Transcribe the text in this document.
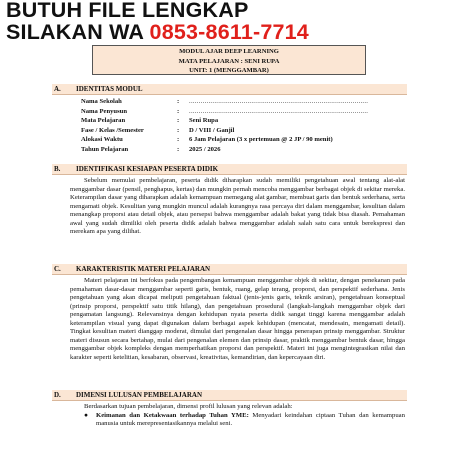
BUTUH FILE LENGKAP
SILAKAN WA 0853-8611-7714
MODUL AJAR DEEP LEARNING
MATA PELAJARAN : SENI RUPA
UNIT: 1 (MENGGAMBAR)
A. IDENTITAS MODUL
Nama Sekolah	:	............................................................................................
Nama Penyusun	:	............................................................................................
Mata Pelajaran	:	Seni Rupa
Fase / Kelas /Semester	:	D / VIII / Ganjil
Alokasi Waktu	:	6 Jam Pelajaran (3 x pertemuan @ 2 JP / 90 menit)
Tahun Pelajaran	:	2025 / 2026
B. IDENTIFIKASI KESIAPAN PESERTA DIDIK

Sebelum memulai pembelajaran, peserta didik diharapkan sudah memiliki pengetahuan awal tentang alat-alat menggambar dasar (pensil, penghapus, kertas) dan mungkin pernah mencoba menggambar berbagai objek di sekitar mereka. Keterampilan dasar yang diharapkan adalah kemampuan memegang alat gambar, membuat garis dan bentuk sederhana, serta mengamati objek. Kesulitan yang mungkin muncul adalah kurangnya rasa percaya diri dalam menggambar, kesulitan dalam menangkap proporsi atau detail objek, atau persepsi bahwa menggambar adalah bakat yang tidak bisa diasah. Pemahaman awal yang sudah dimiliki oleh peserta didik adalah bahwa menggambar adalah salah satu cara untuk berekspresi dan merekam apa yang dilihat.

C. KARAKTERISTIK MATERI PELAJARAN

Materi pelajaran ini berfokus pada pengembangan kemampuan menggambar objek di sekitar, dengan penekanan pada pemahaman dasar-dasar menggambar seperti garis, bentuk, ruang, gelap terang, proporsi, dan perspektif sederhana. Jenis pengetahuan yang akan dicapai meliputi pengetahuan faktual (jenis-jenis garis, teknik arsiran), pengetahuan konseptual (prinsip proporsi, perspektif satu titik hilang), dan pengetahuan prosedural (langkah-langkah menggambar objek dari pengamatan langsung). Relevansinya dengan kehidupan nyata peserta didik sangat tinggi karena menggambar adalah keterampilan visual yang dapat digunakan dalam berbagai aspek kehidupan (mencatat, mendesain, mengamati detail). Tingkat kesulitan materi dianggap moderat, dimulai dari pengenalan dasar hingga penerapan prinsip menggambar. Struktur materi disusun secara bertahap, mulai dari pengenalan elemen dan prinsip dasar, praktik menggambar bentuk dasar, hingga menggambar objek kompleks dengan memperhatikan proporsi dan perspektif. Materi ini juga mengintegrasikan nilai dan karakter seperti ketelitian, kesabaran, observasi, kreativitas, kemandirian, dan kepercayaan diri.

D. DIMENSI LULUSAN PEMBELAJARAN

Berdasarkan tujuan pembelajaran, dimensi profil lulusan yang relevan adalah:

● Keimanan dan Ketakwaan terhadap Tuhan YME: Menyadari keindahan ciptaan Tuhan dan kemampuan manusia untuk merepresentasikannya melalui seni.
